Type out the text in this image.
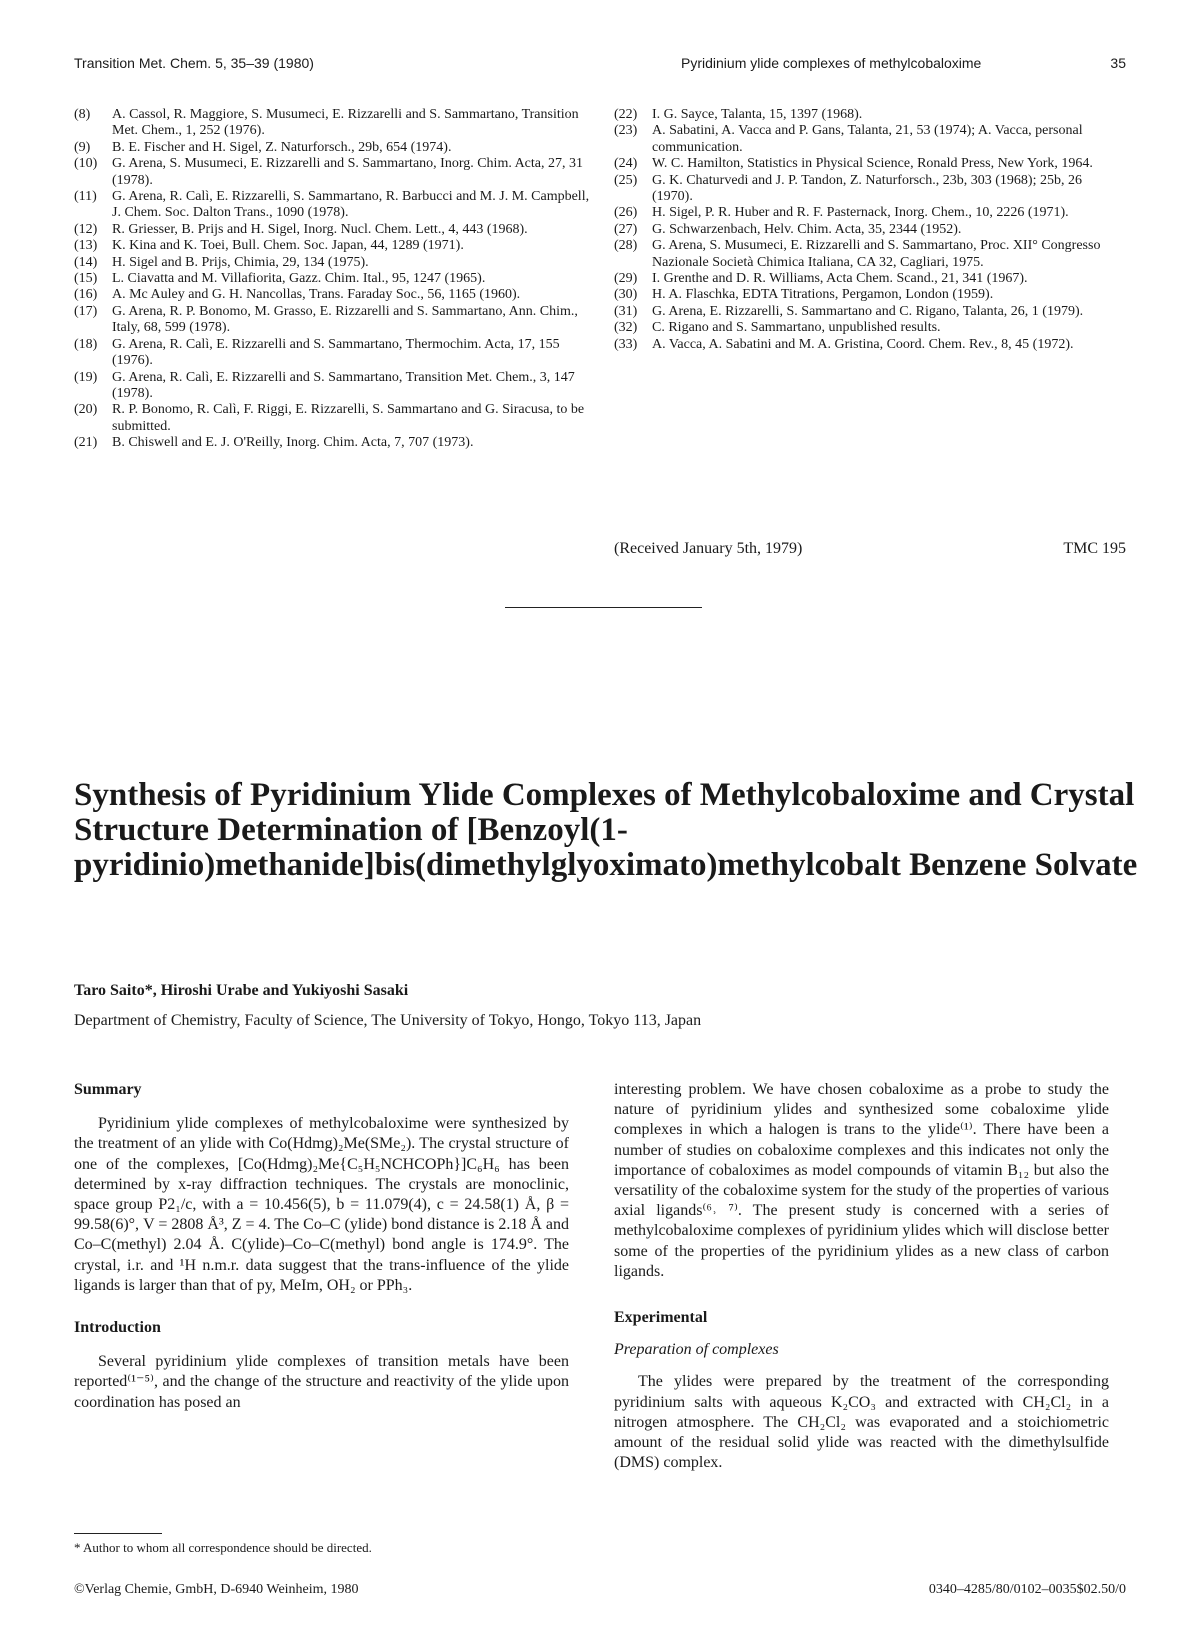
Transition Met. Chem. 5, 35–39 (1980)	Pyridinium ylide complexes of methylcobaloxime	35
(8)	A. Cassol, R. Maggiore, S. Musumeci, E. Rizzarelli and S. Sammartano, Transition Met. Chem., 1, 252 (1976).
(9)	B. E. Fischer and H. Sigel, Z. Naturforsch., 29b, 654 (1974).
(10)	G. Arena, S. Musumeci, E. Rizzarelli and S. Sammartano, Inorg. Chim. Acta, 27, 31 (1978).
(11)	G. Arena, R. Calì, E. Rizzarelli, S. Sammartano, R. Barbucci and M. J. M. Campbell, J. Chem. Soc. Dalton Trans., 1090 (1978).
(12)	R. Griesser, B. Prijs and H. Sigel, Inorg. Nucl. Chem. Lett., 4, 443 (1968).
(13)	K. Kina and K. Toei, Bull. Chem. Soc. Japan, 44, 1289 (1971).
(14)	H. Sigel and B. Prijs, Chimia, 29, 134 (1975).
(15)	L. Ciavatta and M. Villafiorita, Gazz. Chim. Ital., 95, 1247 (1965).
(16)	A. Mc Auley and G. H. Nancollas, Trans. Faraday Soc., 56, 1165 (1960).
(17)	G. Arena, R. P. Bonomo, M. Grasso, E. Rizzarelli and S. Sammartano, Ann. Chim., Italy, 68, 599 (1978).
(18)	G. Arena, R. Calì, E. Rizzarelli and S. Sammartano, Thermochim. Acta, 17, 155 (1976).
(19)	G. Arena, R. Calì, E. Rizzarelli and S. Sammartano, Transition Met. Chem., 3, 147 (1978).
(20)	R. P. Bonomo, R. Calì, F. Riggi, E. Rizzarelli, S. Sammartano and G. Siracusa, to be submitted.
(21)	B. Chiswell and E. J. O'Reilly, Inorg. Chim. Acta, 7, 707 (1973).
(22)	I. G. Sayce, Talanta, 15, 1397 (1968).
(23)	A. Sabatini, A. Vacca and P. Gans, Talanta, 21, 53 (1974); A. Vacca, personal communication.
(24)	W. C. Hamilton, Statistics in Physical Science, Ronald Press, New York, 1964.
(25)	G. K. Chaturvedi and J. P. Tandon, Z. Naturforsch., 23b, 303 (1968); 25b, 26 (1970).
(26)	H. Sigel, P. R. Huber and R. F. Pasternack, Inorg. Chem., 10, 2226 (1971).
(27)	G. Schwarzenbach, Helv. Chim. Acta, 35, 2344 (1952).
(28)	G. Arena, S. Musumeci, E. Rizzarelli and S. Sammartano, Proc. XII° Congresso Nazionale Società Chimica Italiana, CA 32, Cagliari, 1975.
(29)	I. Grenthe and D. R. Williams, Acta Chem. Scand., 21, 341 (1967).
(30)	H. A. Flaschka, EDTA Titrations, Pergamon, London (1959).
(31)	G. Arena, E. Rizzarelli, S. Sammartano and C. Rigano, Talanta, 26, 1 (1979).
(32)	C. Rigano and S. Sammartano, unpublished results.
(33)	A. Vacca, A. Sabatini and M. A. Gristina, Coord. Chem. Rev., 8, 45 (1972).
(Received January 5th, 1979)	TMC 195
Synthesis of Pyridinium Ylide Complexes of Methylcobaloxime and Crystal Structure Determination of [Benzoyl(1-pyridinio)methanide]bis(dimethylglyoximato)methylcobalt Benzene Solvate
Taro Saito*, Hiroshi Urabe and Yukiyoshi Sasaki
Department of Chemistry, Faculty of Science, The University of Tokyo, Hongo, Tokyo 113, Japan

Summary

Pyridinium ylide complexes of methylcobaloxime were synthesized by the treatment of an ylide with Co(Hdmg)₂Me(SMe₂). The crystal structure of one of the complexes, [Co(Hdmg)₂Me{C₅H₅NCHCOPh}]C₆H₆ has been determined by x-ray diffraction techniques. The crystals are monoclinic, space group P2₁/c, with a = 10.456(5), b = 11.079(4), c = 24.58(1) Å, β = 99.58(6)°, V = 2808 Å³, Z = 4. The Co–C (ylide) bond distance is 2.18 Å and Co–C(methyl) 2.04 Å. C(ylide)–Co–C(methyl) bond angle is 174.9°. The crystal, i.r. and ¹H n.m.r. data suggest that the trans-influence of the ylide ligands is larger than that of py, MeIm, OH₂ or PPh₃.

Introduction

Several pyridinium ylide complexes of transition metals have been reported⁽¹⁻⁵⁾, and the change of the structure and reactivity of the ylide upon coordination has posed an

interesting problem. We have chosen cobaloxime as a probe to study the nature of pyridinium ylides and synthesized some cobaloxime ylide complexes in which a halogen is trans to the ylide⁽¹⁾. There have been a number of studies on cobaloxime complexes and this indicates not only the importance of cobaloximes as model compounds of vitamin B₁₂ but also the versatility of the cobaloxime system for the study of the properties of various axial ligands⁽⁶˒ ⁷⁾. The present study is concerned with a series of methylcobaloxime complexes of pyridinium ylides which will disclose better some of the properties of the pyridinium ylides as a new class of carbon ligands.

Experimental

Preparation of complexes

The ylides were prepared by the treatment of the corresponding pyridinium salts with aqueous K₂CO₃ and extracted with CH₂Cl₂ in a nitrogen atmosphere. The CH₂Cl₂ was evaporated and a stoichiometric amount of the residual solid ylide was reacted with the dimethylsulfide (DMS) complex.

* Author to whom all correspondence should be directed.
©Verlag Chemie, GmbH, D-6940 Weinheim, 1980	0340–4285/80/0102–0035$02.50/0
